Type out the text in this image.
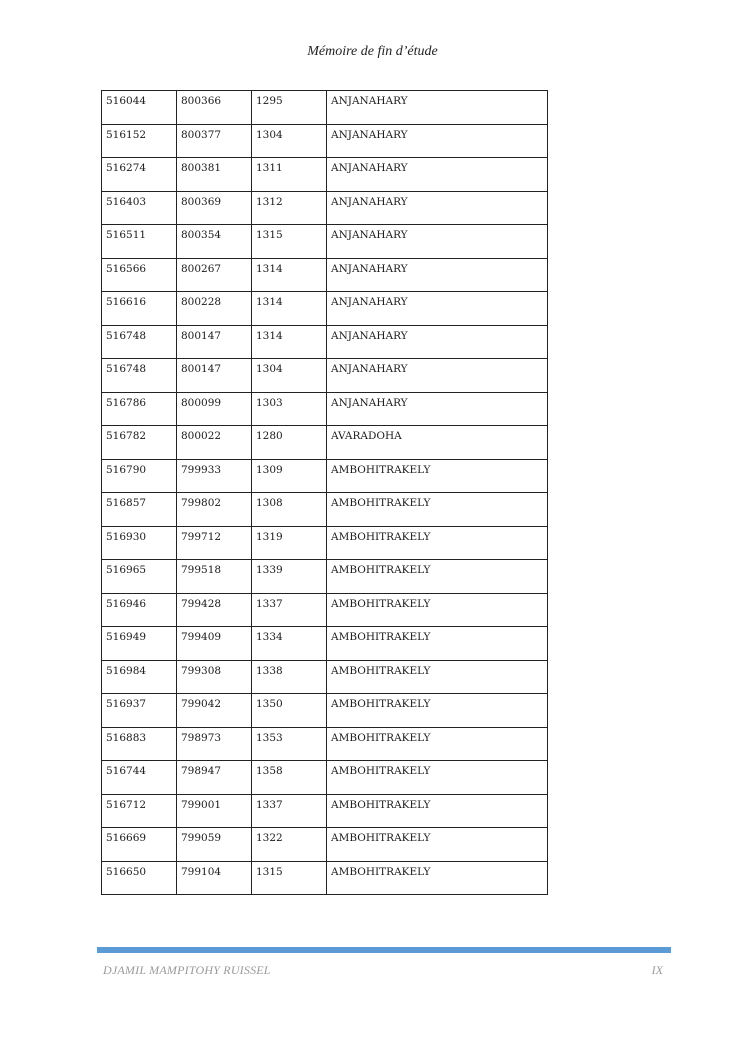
Mémoire de fin d’étude
516044	800366	1295	ANJANAHARY
516152	800377	1304	ANJANAHARY
516274	800381	1311	ANJANAHARY
516403	800369	1312	ANJANAHARY
516511	800354	1315	ANJANAHARY
516566	800267	1314	ANJANAHARY
516616	800228	1314	ANJANAHARY
516748	800147	1314	ANJANAHARY
516748	800147	1304	ANJANAHARY
516786	800099	1303	ANJANAHARY
516782	800022	1280	AVARADOHA
516790	799933	1309	AMBOHITRAKELY
516857	799802	1308	AMBOHITRAKELY
516930	799712	1319	AMBOHITRAKELY
516965	799518	1339	AMBOHITRAKELY
516946	799428	1337	AMBOHITRAKELY
516949	799409	1334	AMBOHITRAKELY
516984	799308	1338	AMBOHITRAKELY
516937	799042	1350	AMBOHITRAKELY
516883	798973	1353	AMBOHITRAKELY
516744	798947	1358	AMBOHITRAKELY
516712	799001	1337	AMBOHITRAKELY
516669	799059	1322	AMBOHITRAKELY
516650	799104	1315	AMBOHITRAKELY
DJAMIL MAMPITOHY RUISSEL	IX
